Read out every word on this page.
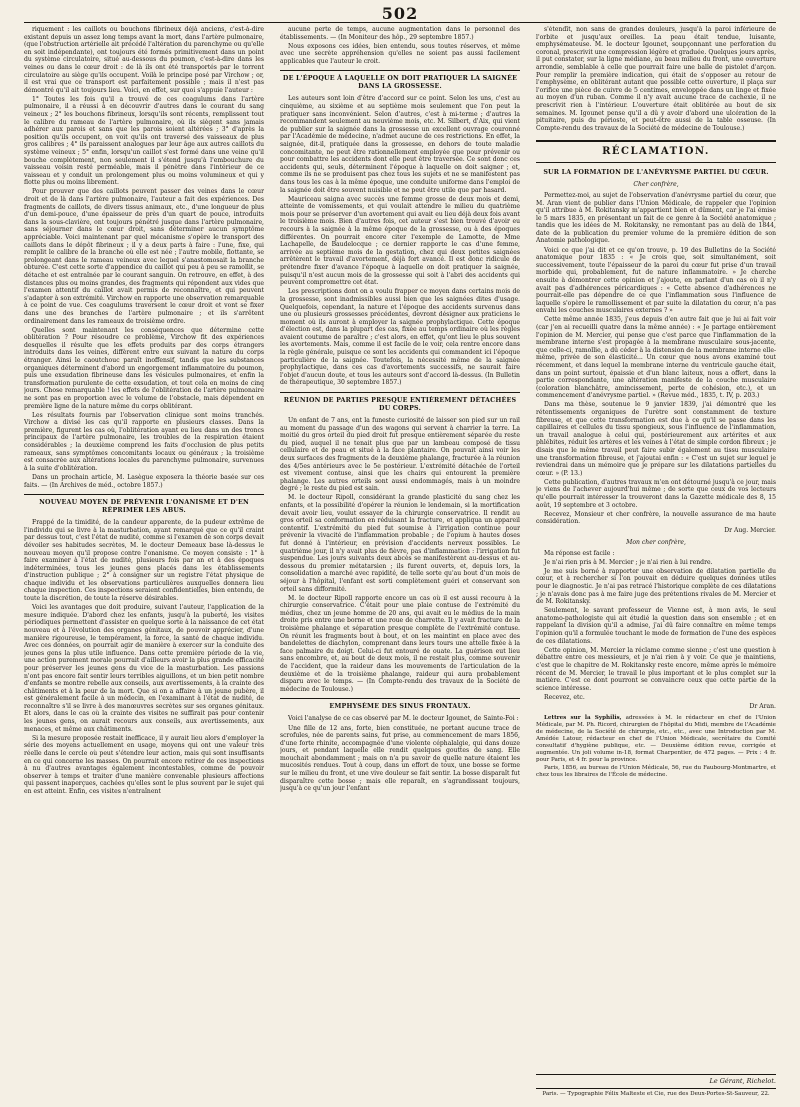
502

riquement : les caillots ou bouchons fibrineux déjà anciens, c'est-à-dire existant depuis un assez long temps avant la mort, dans l'artère pulmonaire, (que l'obstruction artérielle ait précédé l'altération du parenchyme ou qu'elle en soit indépendante), ont toujours été formés primitivement dans un point du système circulatoire, situé au-dessous du poumon, c'est-à-dire dans les veines ou dans le cœur droit : de là ils ont été transportés par le torrent circulatoire au siège qu'ils occupent. Voilà le principe posé par Virchow ; or, il est vrai que ce transport est parfaitement possible ; mais il n'est pas démontré qu'il ait toujours lieu. Voici, en effet, sur quoi s'appuie l'auteur :

1° Toutes les fois qu'il a trouvé de ces coagulums dans l'artère pulmonaire, il a réussi à en découvrir d'autres dans le courant du sang veineux ; 2° les bouchons fibrineux, lorsqu'ils sont récents, remplissent tout le calibre du rameau de l'artère pulmonaire, où ils siègent sans jamais adhérer aux parois et sans que les parois soient altérées ; 3° d'après la position qu'ils occupent, on voit qu'ils ont traversé des vaisseaux de plus gros calibres ; 4° ils paraissent analogues par leur âge aux autres caillots du système veineux ; 5° enfin, lorsqu'un caillot s'est formé dans une veine qu'il bouche complètement, non seulement il s'étend jusqu'à l'embouchure du vaisseau voisin resté perméable, mais il pénètre dans l'intérieur de ce vaisseau et y conduit un prolongement plus ou moins volumineux et qui y flotte plus ou moins librement.

Pour prouver que des caillots peuvent passer des veines dans le cœur droit et de là dans l'artère pulmonaire, l'auteur a fait des expériences. Des fragments de caillots, de divers tissus animaux, etc., d'une longueur de plus d'un demi-pouce, d'une épaisseur de près d'un quart de pouce, introduits dans la sous-clavière, ont toujours pénétré jusque dans l'artère pulmonaire, sans séjourner dans le cœur droit, sans déterminer aucun symptôme appréciable. Voici maintenant par quel mécanisme s'opère le transport des caillots dans le dépôt fibrineux ; il y a deux parts à faire : l'une, fixe, qui remplit le calibre de la branche où elle est née ; l'autre mobile, flottante, se prolongeant dans le rameau veineux avec lequel s'anastomosait la branche obturée. C'est cette sorte d'appendice du caillot qui peu à peu se ramollit, se détache et est entraînée par le courant sanguin. On retrouve, en effet, à des distances plus ou moins grandes, des fragments qui répondent aux vides que l'examen attentif du caillot avait permis de reconnaître, et qui peuvent s'adapter à son extrémité. Virchow en rapporte une observation remarquable à ce point de vue. Ces coagulums traversent le cœur droit et vont se fixer dans une des branches de l'artère pulmonaire ; et ils s'arrêtent ordinairement dans les rameaux de troisième ordre.

Quelles sont maintenant les conséquences que détermine cette oblitération ? Pour résoudre ce problème, Virchow fit des expériences desquelles il résulte que les effets produits par des corps étrangers introduits dans les veines, diffèrent entre eux suivant la nature du corps étranger. Ainsi le caoutchouc paraît inoffensif, tandis que les substances organiques déterminent d'abord un engorgement inflammatoire du poumon, puis une exsudation fibrineuse dans les vésicules pulmonaires, et enfin la transformation purulente de cette exsudation, et tout cela en moins de cinq jours. Chose remarquable ! les effets de l'oblitération de l'artère pulmonaire ne sont pas en proportion avec le volume de l'obstacle, mais dépendent en première ligne de la nature même du corps oblitérant.

Les résultats fournis par l'observation clinique sont moins tranchés. Virchow a divisé les cas qu'il rapporte en plusieurs classes. Dans la première, figurent les cas où, l'oblitération ayant eu lieu dans un des troncs principaux de l'artère pulmonaire, les troubles de la respiration étaient considérables ; la deuxième comprend les faits d'occlusion de plus petits rameaux, sans symptômes concomitants locaux ou généraux ; la troisième est consacrée aux altérations locales du parenchyme pulmonaire, survenues à la suite d'oblitération.

Dans un prochain article, M. Lasègue exposera la théorie basée sur ces faits. — (In Archives de méd., octobre 1857.)

NOUVEAU MOYEN DE PRÉVENIR L'ONANISME ET D'EN RÉPRIMER LES ABUS.

Frappé de la timidité, de la candeur apparente, de la pudeur extrême de l'individu qui se livre à la masturbation, ayant remarqué que ce qu'il craint par dessus tout, c'est l'état de nudité, comme si l'examen de son corps devait dévoiler ses habitudes secrètes, M. le docteur Demeaux base là-dessus le nouveau moyen qu'il propose contre l'onanisme. Ce moyen consiste : 1° à faire examiner à l'état de nudité, plusieurs fois par an et à des époques indéterminées, tous les jeunes gens placés dans les établissements d'instruction publique ; 2° à consigner sur un registre l'état physique de chaque individu et les observations particulières auxquelles donnera lieu chaque inspection. Ces inspections seraient confidentielles, bien entendu, de toute la discrétion, de toute la réserve désirables.

Voici les avantages que doit produire, suivant l'auteur, l'application de la mesure indiquée. D'abord chez les enfants, jusqu'à la puberté, les visites périodiques permettent d'assister en quelque sorte à la naissance de cet état nouveau et à l'évolution des organes génitaux, de pouvoir apprécier, d'une manière rigoureuse, le tempérament, la force, la santé de chaque individu. Avec ces données, on pourrait agir de manière à exercer sur la conduite des jeunes gens la plus utile influence. Dans cette première période de la vie, une action purement morale pourrait d'ailleurs avoir la plus grande efficacité pour préserver les jeunes gens du vice de la masturbation. Les passions n'ont pas encore fait sentir leurs terribles aiguillons, et un bien petit nombre d'enfants se montre rebelle aux conseils, aux avertissements, à la crainte des châtiments et à la peur de la mort. Que si on a affaire à un jeune pubère, il est généralement facile à un médecin, en l'examinant à l'état de nudité, de reconnaître s'il se livre à des manœuvres secrètes sur ses organes génitaux. Et alors, dans le cas où la crainte des visites ne suffirait pas pour contenir les jeunes gens, on aurait recours aux conseils, aux avertissements, aux menaces, et même aux châtiments.

Si la mesure proposée restait inefficace, il y aurait lieu alors d'employer la série des moyens actuellement en usage, moyens qui ont une valeur très réelle dans le cercle où peut s'étendre leur action, mais qui sont insuffisants en ce qui concerne les masses. On pourrait encore retirer de ces inspections à nu d'autres avantages également incontestables, comme de pouvoir observer à temps et traiter d'une manière convenable plusieurs affections qui passent inaperçues, cachées qu'elles sont le plus souvent par le sujet qui en est atteint. Enfin, ces visites n'entraînent

aucune perte de temps, aucune augmentation dans le personnel des établissements. — (In Moniteur des hôp., 29 septembre 1857.)

Nous exposons ces idées, bien entendu, sous toutes réserves, et même avec une secrète appréhension qu'elles ne soient pas aussi facilement applicables que l'auteur le croit.

DE L'ÉPOQUE À LAQUELLE ON DOIT PRATIQUER LA SAIGNÉE DANS LA GROSSESSE.

Les auteurs sont loin d'être d'accord sur ce point. Selon les uns, c'est au cinquième, au sixième et au septième mois seulement que l'on peut la pratiquer sans inconvénient. Selon d'autres, c'est à mi-terme ; d'autres la recommandent seulement au neuvième mois, etc. M. Silbert, d'Aix, qui vient de publier sur la saignée dans la grossesse un excellent ouvrage couronné par l'Académie de médecine, n'admet aucune de ces restrictions. En effet, la saignée, dit-il, pratiquée dans la grossesse, en dehors de toute maladie concomitante, ne peut être rationnellement employée que pour prévenir ou pour combattre les accidents dont elle peut être traversée. Ce sont donc ces accidents qui, seuls, déterminent l'époque à laquelle on doit saigner ; et, comme ils ne se produisent pas chez tous les sujets et ne se manifestent pas dans tous les cas à la même époque, une conduite uniforme dans l'emploi de la saignée doit être souvent nuisible et ne peut être utile que par hasard.

Mauriceau saigna avec succès une femme grosse de deux mois et demi, atteinte de vomissements, et qui voulait attendre le milieu du quatrième mois pour se préserver d'un avortement qui avait eu lieu déjà deux fois avant le troisième mois. Bien d'autres fois, cet auteur s'est bien trouvé d'avoir eu recours à la saignée à la même époque de la grossesse, ou à des époques différentes. On pourrait encore citer l'exemple de Lamotte, de Mme Lachapelle, de Baudelocque ; ce dernier rapporte le cas d'une femme, arrivée au septième mois de la gestation, chez qui deux petites saignées arrêtèrent le travail d'avortement, déjà fort avancé. Il est donc ridicule de prétendre fixer d'avance l'époque à laquelle on doit pratiquer la saignée, puisqu'il n'est aucun mois de la grossesse qui soit à l'abri des accidents qui peuvent compromettre cet état.

Les prescriptions dont on a voulu frapper ce moyen dans certains mois de la grossesse, sont inadmissibles aussi bien que les saignées dites d'usage. Quelquefois, cependant, la nature et l'époque des accidents survenus dans une ou plusieurs grossesses précédentes, devront désigner aux praticiens le moment où ils auront à employer la saignée prophylactique. Cette époque d'élection est, dans la plupart des cas, fixée au temps ordinaire où les règles avaient coutume de paraître ; c'est alors, en effet, qu'ont lieu le plus souvent les avortements. Mais, comme il est facile de le voir, cela rentre encore dans la règle générale, puisque ce sont les accidents qui commandent ici l'époque particulière de la saignée. Toutefois, la nécessité même de la saignée prophylactique, dans ces cas d'avortements successifs, ne saurait faire l'objet d'aucun doute, et tous les auteurs sont d'accord là-dessus. (In Bulletin de thérapeutique, 30 septembre 1857.)

RÉUNION DE PARTIES PRESQUE ENTIÈREMENT DÉTACHÉES DU CORPS.

Un enfant de 7 ans, ent la funeste curiosité de laisser son pied sur un rail au moment du passage d'un des wagons qui servent à charrier la terre. La moitié du gros orteil du pied droit fut presque entièrement séparée du reste du pied, auquel il ne tenait plus que par un lambeau composé de tissu cellulaire et de peau et situé à la face plantaire. On pouvait ainsi voir les deux surfaces des fragments de la deuxième phalange, fracturée à la réunion des 4/5es antérieurs avec le 5e postérieur. L'extrémité détachée de l'orteil est vivement contuse, ainsi que les chairs qui entourent la première phalange. Les autres orteils sont aussi endommagés, mais à un moindre degré ; le reste du pied est sain.

M. le docteur Ripoll, considérant la grande plasticité du sang chez les enfants, et la possibilité d'opérer la réunion le lendemain, si la mortification devait avoir lieu, voulut essayer de la chirurgie conservatrice. Il rendit au gros orteil sa conformation en réduisant la fracture, et appliqua un appareil contentif. L'extrémité du pied fut soumise à l'irrigation continue pour prévenir la vivacité de l'inflammation probable ; de l'opium à hautes doses fut donné à l'intérieur, en prévision d'accidents nerveux possibles. Le quatrième jour, il n'y avait plus de fièvre, pas d'inflammation : l'irrigation fut suspendue. Les jours suivants deux abcès se manifestèrent au-dessus et au-dessous du premier métatarsien ; ils furent ouverts, et, depuis lors, la consolidation a marché avec rapidité, de telle sorte qu'au bout d'un mois de séjour à l'hôpital, l'enfant est sorti complètement guéri et conservant son orteil sans difformité.

M. le docteur Ripoll rapporte encore un cas où il est aussi recouru à la chirurgie conservatrice. C'était pour une plaie contuse de l'extrémité du médius, chez un jeune homme de 20 ans, qui avait eu le médius de la main droite pris entre une borne et une roue de charrette. Il y avait fracture de la troisième phalange et séparation presque complète de l'extrémité contuse. On réunit les fragments bout à bout, et on les maintint en place avec des bandelettes de diachylon, comprenant dans leurs tours une attelle fixée à la face palmaire du doigt. Celui-ci fut entouré de ouate. La guérison eut lieu sans encombre, et, au bout de deux mois, il ne restait plus, comme souvenir de l'accident, que la raideur dans les mouvements de l'articulation de la deuxième et de la troisième phalange, raideur qui aura probablement disparu avec le temps. — (In Compte-rendu des travaux de la Société de médecine de Toulouse.)

EMPHYSÈME DES SINUS FRONTAUX.

Voici l'analyse de ce cas observé par M. le docteur Igounet, de Sainte-Foi :

Une fille de 12 ans, forte, bien constituée, ne portant aucune trace de scrofules, née de parents sains, fut prise, au commencement de mars 1856, d'une forte rhinite, accompagnée d'une violente céphalalgie, qui dans douze jours, et pendant laquelle elle rendit quelques gouttes de sang. Elle mouchait abondamment ; mais on n'a pu savoir de quelle nature étaient les mucosités rendues. Tout à coup, dans un effort de toux, une bosse se forme sur le milieu du front, et une vive douleur se fait sentir. La bosse disparaît fut disparaître cette bosse ; mais elle reparaît, en s'agrandissant toujours, jusqu'à ce qu'un jour l'enfant

s'étendît, non sans de grandes douleurs, jusqu'à la paroi inférieure de l'orbite et jusqu'aux oreilles. La peau était tendue, luisante, emphysémateuse. M. le docteur Igounet, soupçonnant une perforation du coronal, prescrivit une compression légère et graduée. Quelques jours après, il put constater, sur la ligne médiane, au beau milieu du front, une ouverture arrondie, semblable à celle que pourrait faire une balle de pistolet d'arçon. Pour remplir la première indication, qui était de s'opposer au retour de l'emphysème, en oblitérant autant que possible cette ouverture, il plaça sur l'orifice une pièce de cuivre de 5 centimes, enveloppée dans un linge et fixée au moyen d'un ruban. Comme il n'y avait aucune trace de cachexie, il ne prescrivit rien à l'intérieur. L'ouverture était oblitérée au bout de six semaines. M. Igounet pense qu'il a dû y avoir d'abord une ulcération de la pituitaire, puis du périoste, et peut-être aussi de la table osseuse. (In Compte-rendu des travaux de la Société de médecine de Toulouse.)

RÉCLAMATION.
SUR LA FORMATION DE L'ANÉVRYSME PARTIEL DU CŒUR.

Cher confrère,

Permettez-moi, au sujet de l'observation d'anévrysme partiel du cœur, que M. Aran vient de publier dans l'Union Médicale, de rappeler que l'opinion qu'il attribue à M. Rokitansky m'appartient bien et dûment, car je l'ai émise le 5 mars 1835, en présentant un fait de ce genre à la Société anatomique ; tandis que les idées de M. Rokitansky, ne remontant pas au delà de 1844, date de la publication du premier volume de la première édition de son Anatomie pathologique.

Voici ce que j'ai dit et ce qu'on trouve, p. 19 des Bulletins de la Société anatomique pour 1835 : « Je crois que, soit simultanément, soit successivement, toute l'épaisseur de la paroi du cœur fut prise d'un travail morbide qui, probablement, fut de nature inflammatoire. » Je cherche ensuite à démontrer cette opinion et j'ajoute, en parlant d'un cas où il n'y avait pas d'adhérences péricardiques : « Cette absence d'adhérences ne pourrait-elle pas dépendre de ce que l'inflammation sous l'influence de laquelle s'opère le ramollissement et par suite la dilatation du cœur, n'a pas envahi les couches musculaires externes ? »

Cette même année 1835, j'eus depuis d'en autre fait que je lui ai fait voir (car j'en ai recueilli quatre dans la même année) : « Je partage entièrement l'opinion de M. Mercier, qui pense que c'est parce que l'inflammation de la membrane interne s'est propagée à la membrane musculaire sous-jacente, que celle-ci, ramollie, a dû céder à la distension de la membrane interne elle-même, privée de son élasticité... Un cœur que nous avons examiné tout récemment, et dans lequel la membrane interne du ventricule gauche était, dans un point surtout, épaissie et d'un blanc laiteux, nous a offert, dans la partie correspondante, une altération manifeste de la couche musculaire (coloration blanchâtre, amincissement, perte de cohésion, etc.), et un commencement d'anévrysme partiel. » (Revue méd., 1835, t. IV, p. 203.)

Dans ma thèse, soutenue le 9 janvier 1839, j'ai démontré que les rétentissements organiques de l'urètre sont constamment de texture fibreuse, et que cette transformation est due à ce qu'il se passe dans les capillaires et cellules du tissu spongieux, sous l'influence de l'inflammation, un travail analogue à celui qui, postérieurement aux artérites et aux phlébites, réduit les artères et les veines à l'état de simple cordon fibreux ; je disais que le même travail peut faire subir également au tissu musculaire une transformation fibreuse, et j'ajoutai enfin : « C'est un sujet sur lequel je reviendrai dans un mémoire que je prépare sur les dilatations partielles du cœur. » (P. 13.)

Cette publication, d'autres travaux m'en ont détourné jusqu'à ce jour, mais je viens de l'achever aujourd'hui même ; de sorte que ceux de vos lecteurs qu'elle pourrait intéresser la trouveront dans la Gazette médicale des 8, 15 août, 19 septembre et 3 octobre.

Recevez, Monsieur et cher confrère, la nouvelle assurance de ma haute considération.

Dr Aug. Mercier.

Mon cher confrère,

Ma réponse est facile :

Je n'ai rien pris à M. Mercier ; je n'ai rien à lui rendre.

Je me suis borné à rapporter une observation de dilatation partielle du cœur, et à rechercher si l'on pouvait en déduire quelques données utiles pour le diagnostic. Je n'ai pas retracé l'historique complète de ces dilatations ; je n'avais donc pas à me faire juge des prétentions rivales de M. Mercier et de M. Rokitansky.

Seulement, le savant professeur de Vienne est, à mon avis, le seul anatomo-pathologiste qui ait étudié la question dans son ensemble ; et en rappelant la division qu'il a admise, j'ai dû faire connaître en même temps l'opinion qu'il a formulée touchant le mode de formation de l'une des espèces de ces dilatations.

Cette opinion, M. Mercier la réclame comme sienne ; c'est une question à débattre entre ces messieurs, et je n'ai rien à y voir. Ce que je maintiens, c'est que le chapitre de M. Rokitansky reste encore, même après le mémoire récent de M. Mercier, le travail le plus important et le plus complet sur la matière. C'est ce dont pourront se convaincre ceux que cette partie de la science intéresse.

Recevez, etc.

Dr Aran.

Lettres sur la Syphilis, adressées à M. le rédacteur en chef de l'Union Médicale, par M. Ph. Ricord, chirurgien de l'hôpital du Midi, membre de l'Académie de médecine, de la Société de chirurgie, etc., etc., avec une Introduction par M. Amédée Latour, rédacteur en chef de l'Union Médicale, secrétaire du Comité consultatif d'hygiène publique, etc. — Deuxième édition revue, corrigée et augmentée. Un joli volume in-18, format Charpentier, de 472 pages. — Prix : 4 fr. pour Paris, et 4 fr. pour la province.

Paris, 1856, au bureau de l'Union Médicale, 56, rue du Faubourg-Montmartre, et chez tous les libraires de l'École de médecine.

Le Gérant, Richelot.
Paris. — Typographie Félix Malteste et Cie, rue des Deux-Portes-St-Sauveur, 22.
